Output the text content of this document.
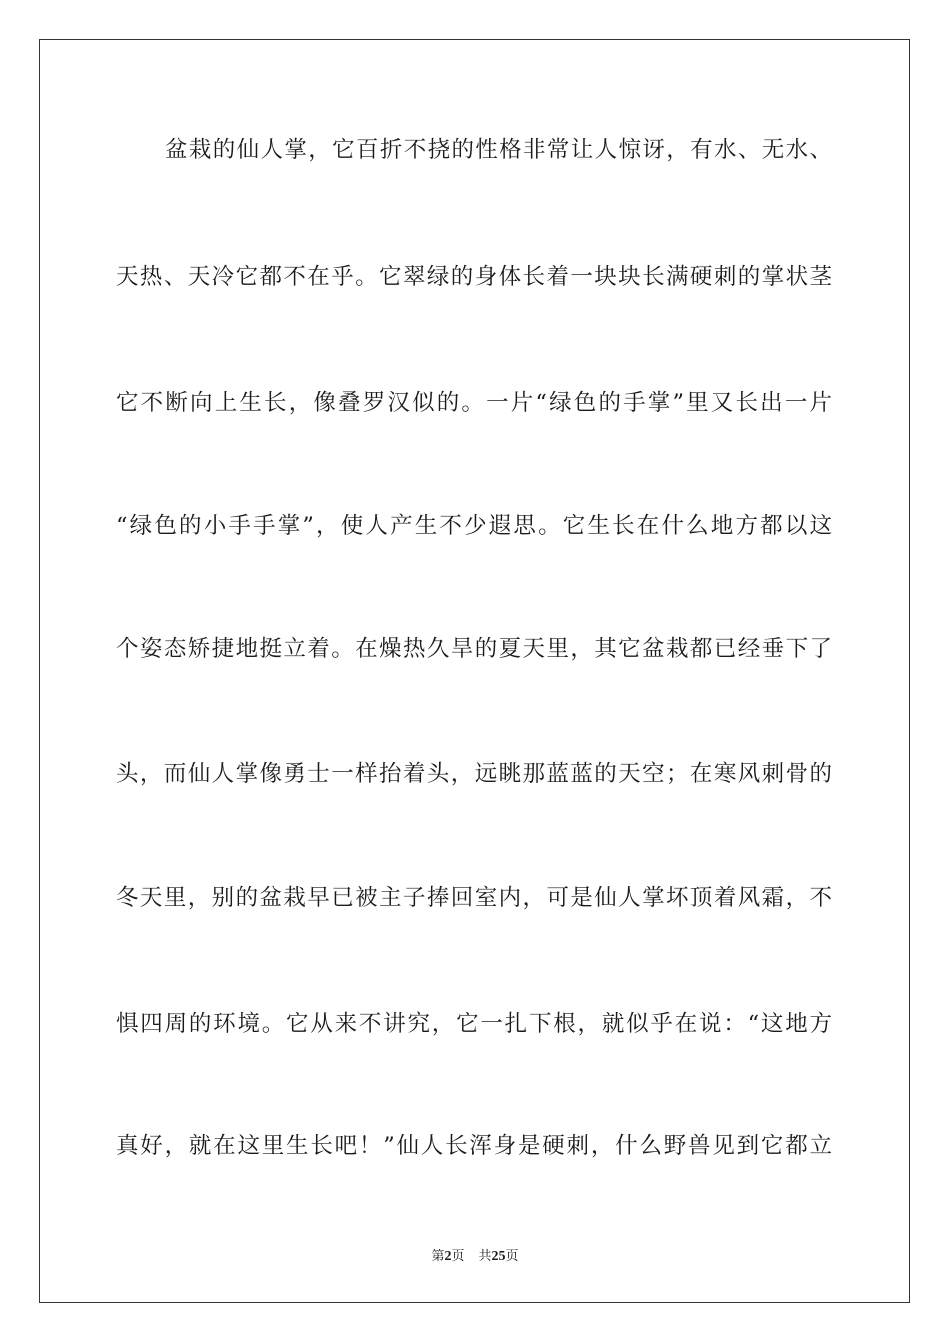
盆栽的仙人掌，它百折不挠的性格非常让人惊讶，有水、无水、
天热、天冷它都不在乎。它翠绿的身体长着一块块长满硬刺的掌状茎
它不断向上生长，像叠罗汉似的。一片“绿色的手掌”里又长出一片
“绿色的小手手掌”，使人产生不少遐思。它生长在什么地方都以这
个姿态矫捷地挺立着。在燥热久旱的夏天里，其它盆栽都已经垂下了
头，而仙人掌像勇士一样抬着头，远眺那蓝蓝的天空；在寒风刺骨的
冬天里，别的盆栽早已被主子捧回室内，可是仙人掌坏顶着风霜，不
惧四周的环境。它从来不讲究，它一扎下根，就似乎在说：“这地方
真好，就在这里生长吧！”仙人长浑身是硬刺，什么野兽见到它都立
第2页 共25页
